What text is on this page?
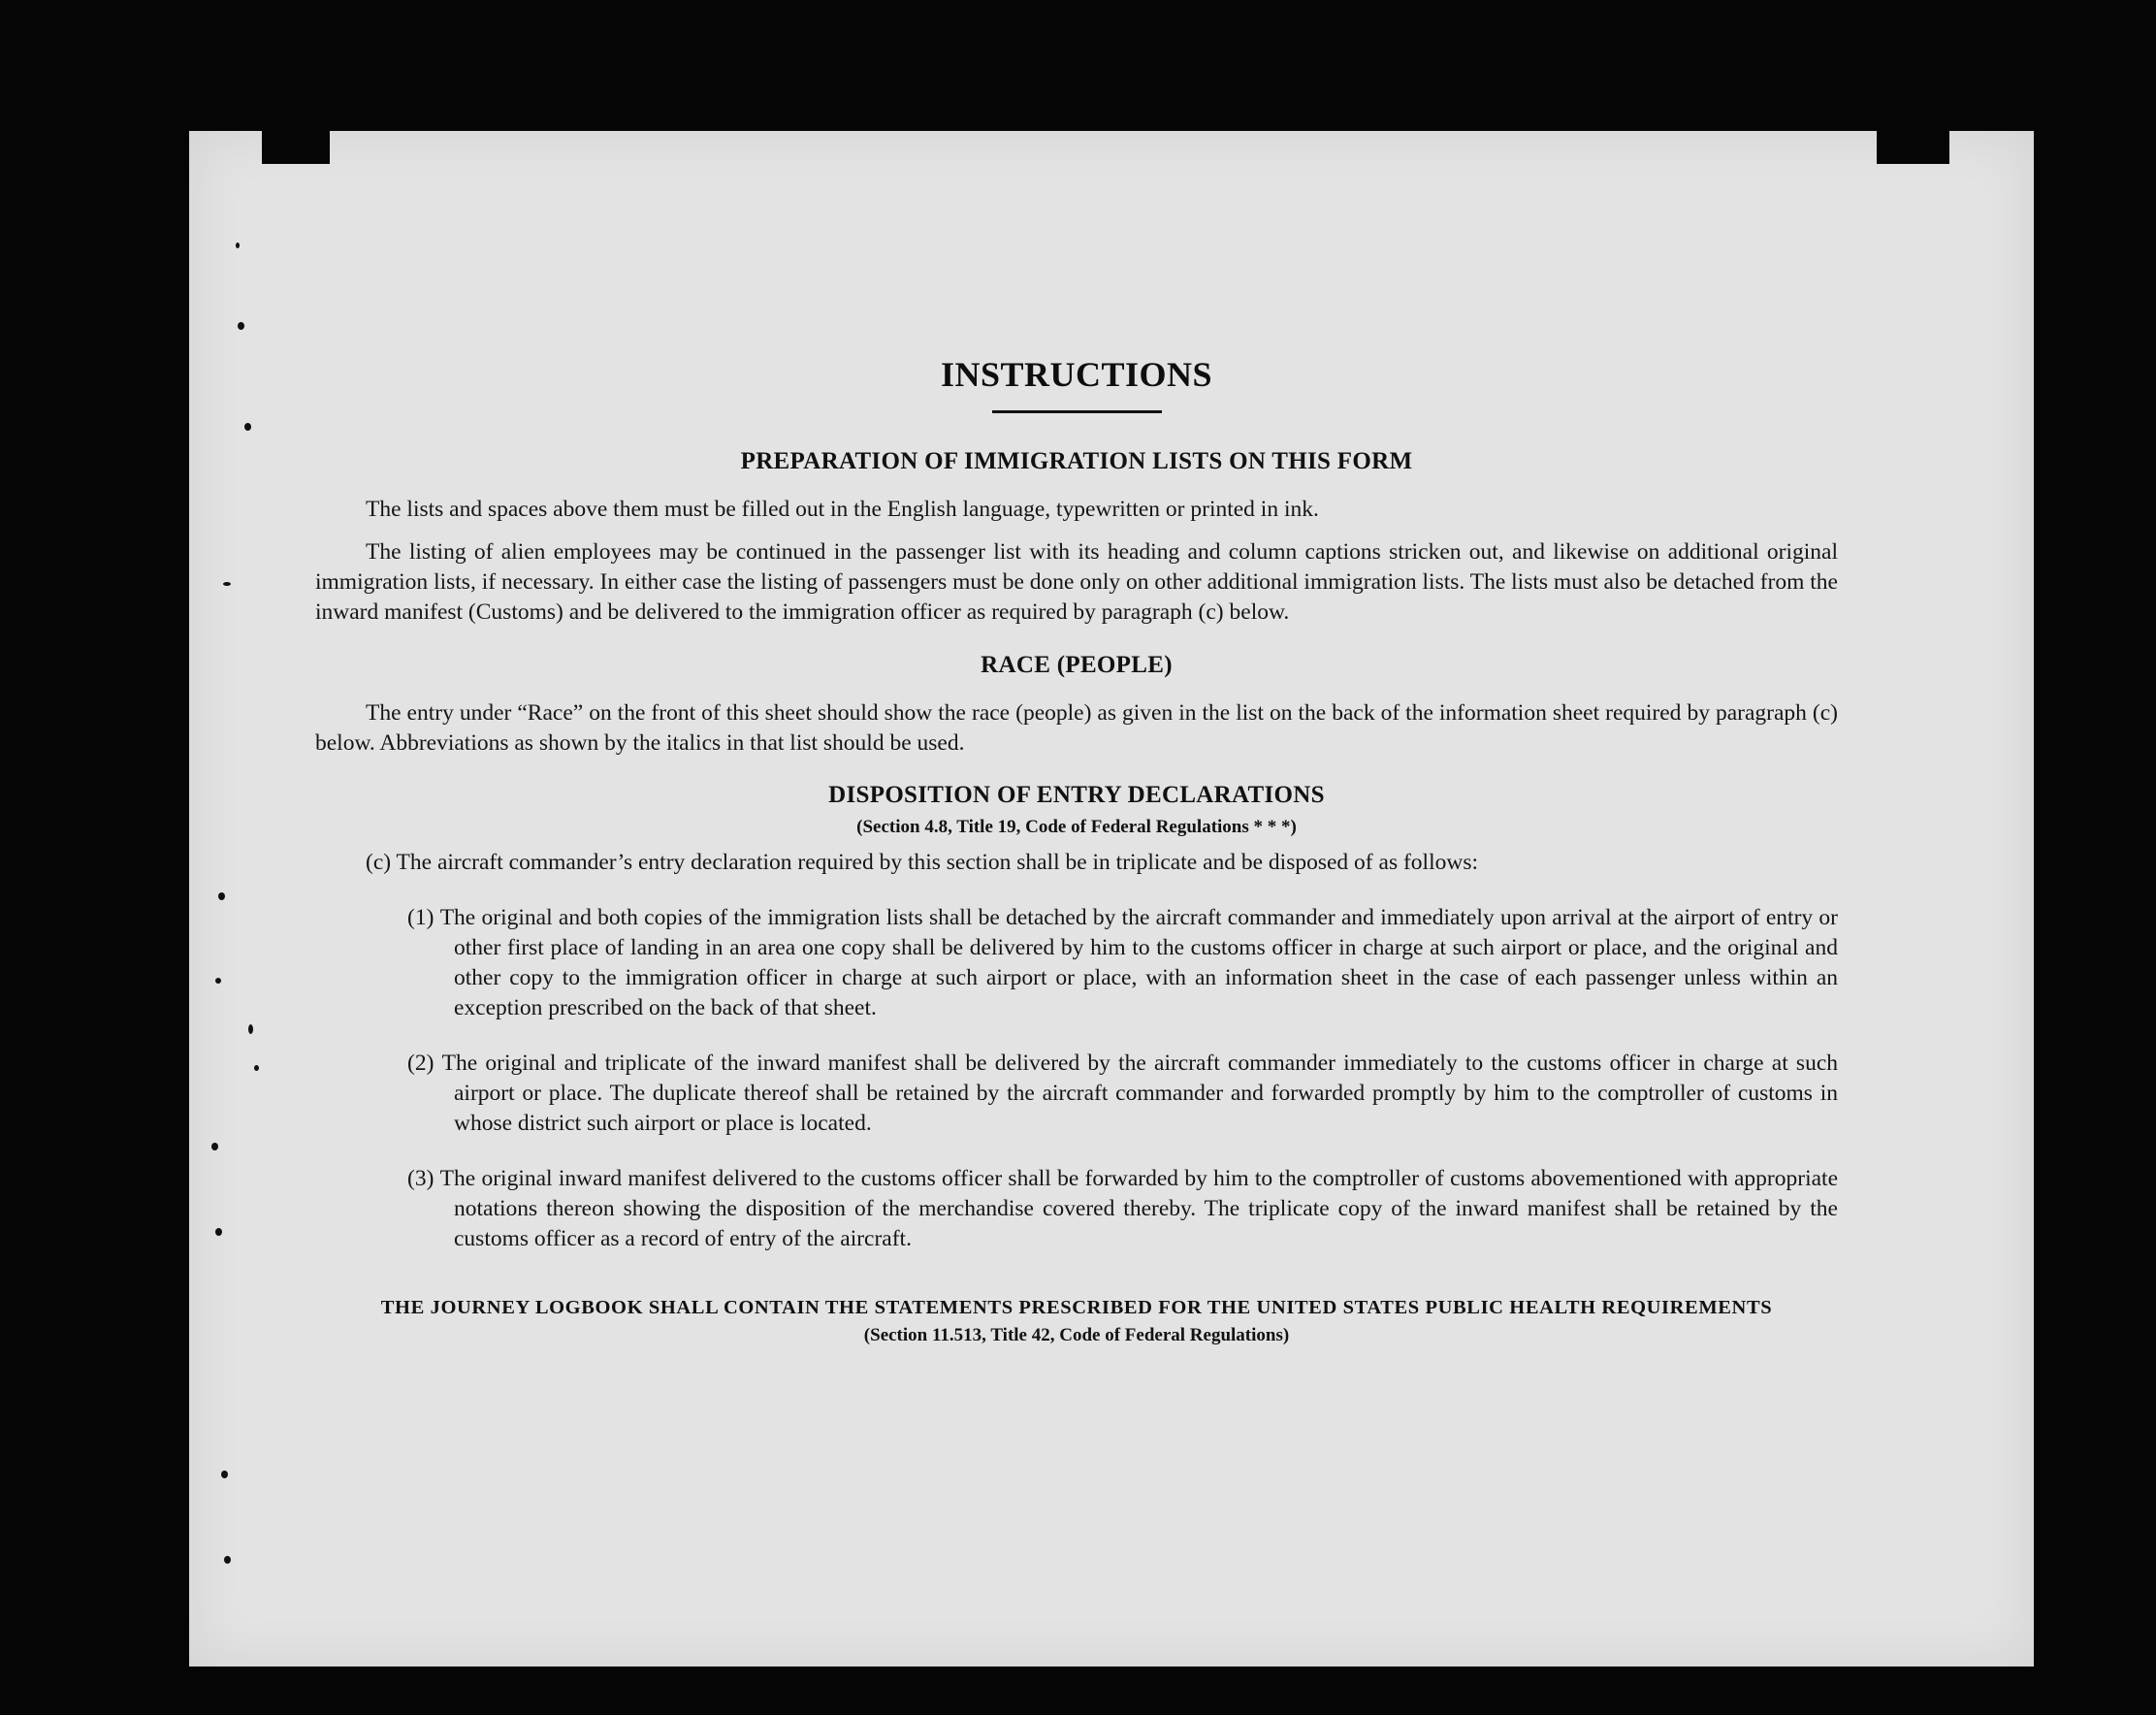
INSTRUCTIONS
PREPARATION OF IMMIGRATION LISTS ON THIS FORM

The lists and spaces above them must be filled out in the English language, typewritten or printed in ink.

The listing of alien employees may be continued in the passenger list with its heading and column captions stricken out, and likewise on additional original immigration lists, if necessary. In either case the listing of passengers must be done only on other additional immigration lists. The lists must also be detached from the inward manifest (Customs) and be delivered to the immigration officer as required by paragraph (c) below.

RACE (PEOPLE)

The entry under “Race” on the front of this sheet should show the race (people) as given in the list on the back of the information sheet required by paragraph (c) below. Abbreviations as shown by the italics in that list should be used.

DISPOSITION OF ENTRY DECLARATIONS
(Section 4.8, Title 19, Code of Federal Regulations * * *)

(c) The aircraft commander’s entry declaration required by this section shall be in triplicate and be disposed of as follows:

(1) The original and both copies of the immigration lists shall be detached by the aircraft commander and immediately upon arrival at the airport of entry or other first place of landing in an area one copy shall be delivered by him to the customs officer in charge at such airport or place, and the original and other copy to the immigration officer in charge at such airport or place, with an information sheet in the case of each passenger unless within an exception prescribed on the back of that sheet.
(2) The original and triplicate of the inward manifest shall be delivered by the aircraft commander immediately to the customs officer in charge at such airport or place. The duplicate thereof shall be retained by the aircraft commander and forwarded promptly by him to the comptroller of customs in whose district such airport or place is located.
(3) The original inward manifest delivered to the customs officer shall be forwarded by him to the comptroller of customs abovementioned with appropriate notations thereon showing the disposition of the merchandise covered thereby. The triplicate copy of the inward manifest shall be retained by the customs officer as a record of entry of the aircraft.
THE JOURNEY LOGBOOK SHALL CONTAIN THE STATEMENTS PRESCRIBED FOR THE UNITED STATES PUBLIC HEALTH REQUIREMENTS
(Section 11.513, Title 42, Code of Federal Regulations)
